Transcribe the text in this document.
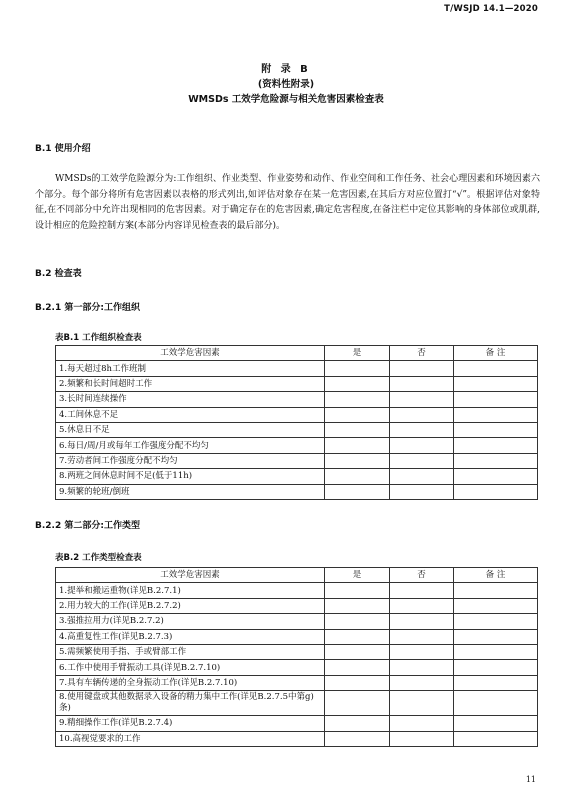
T/WSJD 14.1—2020
附 录 B
(资料性附录)
WMSDs 工效学危险源与相关危害因素检查表
B.1 使用介绍
WMSDs的工效学危险源分为:工作组织、作业类型、作业姿势和动作、作业空间和工作任务、社会心理因素和环境因素六个部分。每个部分将所有危害因素以表格的形式列出,如评估对象存在某一危害因素,在其后方对应位置打“√”。根据评估对象特征,在不同部分中允许出现相同的危害因素。对于确定存在的危害因素,确定危害程度,在备注栏中定位其影响的身体部位或肌群,设计相应的危险控制方案(本部分内容详见检查表的最后部分)。
B.2 检查表
B.2.1 第一部分:工作组织
表B.1 工作组织检查表
工效学危害因素	是	否	备 注
1.每天超过8h工作班制			
2.频繁和长时间超时工作			
3.长时间连续操作			
4.工间休息不足			
5.休息日不足			
6.每日/周/月或每年工作强度分配不均匀			
7.劳动者间工作强度分配不均匀			
8.两班之间休息时间不足(低于11h)			
9.频繁的轮班/倒班			
B.2.2 第二部分:工作类型
表B.2 工作类型检查表
工效学危害因素	是	否	备 注
1.提举和搬运重物(详见B.2.7.1)			
2.用力较大的工作(详见B.2.7.2)			
3.强推拉用力(详见B.2.7.2)			
4.高重复性工作(详见B.2.7.3)			
5.需频繁使用手指、手或臂部工作			
6.工作中使用手臂振动工具(详见B.2.7.10)			
7.具有车辆传递的全身振动工作(详见B.2.7.10)			
8.使用键盘或其他数据录入设备的精力集中工作(详见B.2.7.5中第g)条)			
9.精细操作工作(详见B.2.7.4)			
10.高视觉要求的工作			
11
